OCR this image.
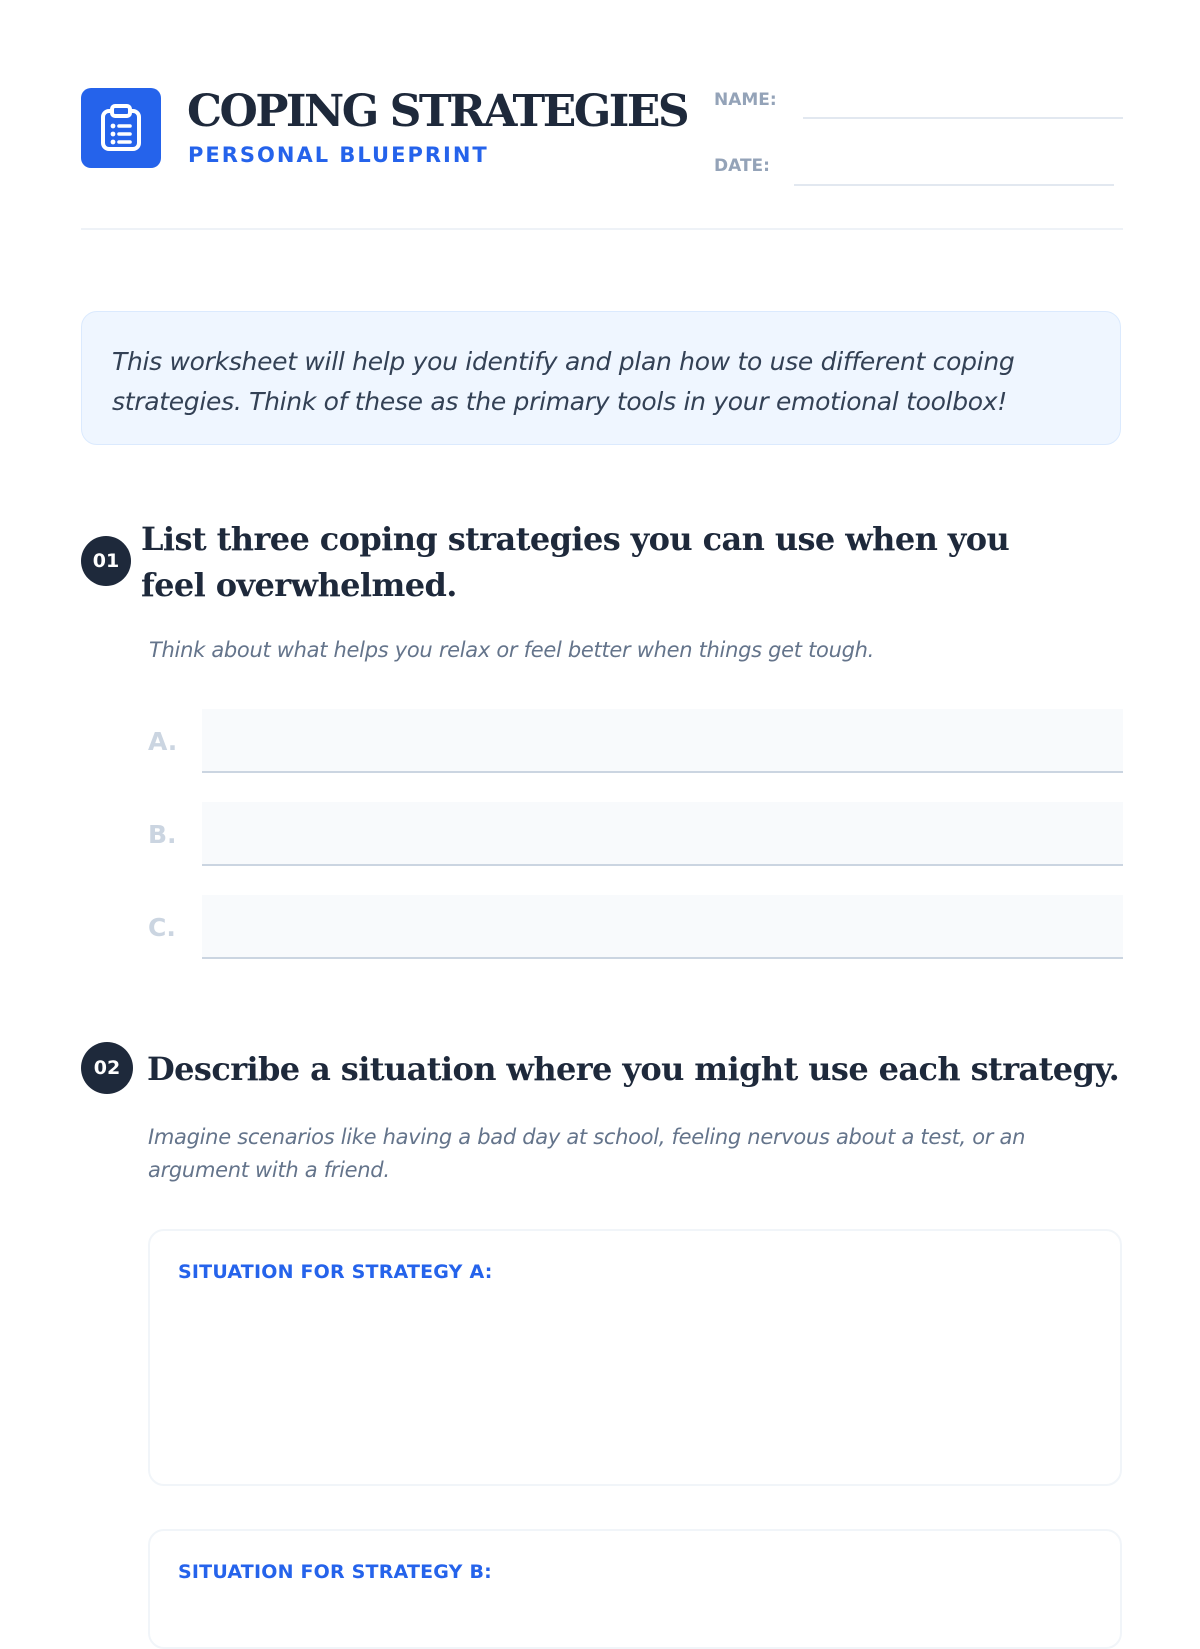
COPING STRATEGIES
PERSONAL BLUEPRINT
NAME:
DATE:
This worksheet will help you identify and plan how to use different coping strategies. Think of these as the primary tools in your emotional toolbox!
01
List three coping strategies you can use when you feel overwhelmed.
Think about what helps you relax or feel better when things get tough.
A.
B.
C.
02 Describe a situation where you might use each strategy.
Imagine scenarios like having a bad day at school, feeling nervous about a test, or an argument with a friend.
SITUATION FOR STRATEGY A:
SITUATION FOR STRATEGY B:
